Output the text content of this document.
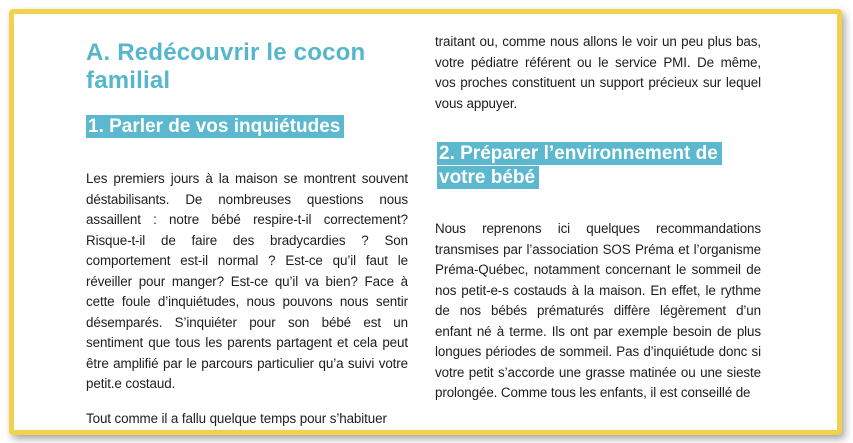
A. Redécouvrir le cocon familial
1. Parler de vos inquiétudes

Les premiers jours à la maison se montrent souvent déstabilisants. De nombreuses questions nous assaillent : notre bébé respire-t-il correctement? Risque-t-il de faire des bradycardies ? Son comportement est-il normal ? Est-ce qu’il faut le réveiller pour manger? Est-ce qu’il va bien? Face à cette foule d’inquiétudes, nous pouvons nous sentir désemparés. S’inquiéter pour son bébé est un sentiment que tous les parents partagent et cela peut être amplifié par le parcours particulier qu’a suivi votre petit.e costaud.

Tout comme il a fallu quelque temps pour s’habituer

traitant ou, comme nous allons le voir un peu plus bas, votre pédiatre référent ou le service PMI. De même, vos proches constituent un support précieux sur lequel vous appuyer.

2. Préparer l’environnement de votre bébé

Nous reprenons ici quelques recommandations transmises par l’association SOS Préma et l’organisme Préma-Québec, notamment concernant le sommeil de nos petit-e-s costauds à la maison. En effet, le rythme de nos bébés prématurés diffère légèrement d’un enfant né à terme. Ils ont par exemple besoin de plus longues périodes de sommeil. Pas d’inquiétude donc si votre petit s’accorde une grasse matinée ou une sieste prolongée. Comme tous les enfants, il est conseillé de
